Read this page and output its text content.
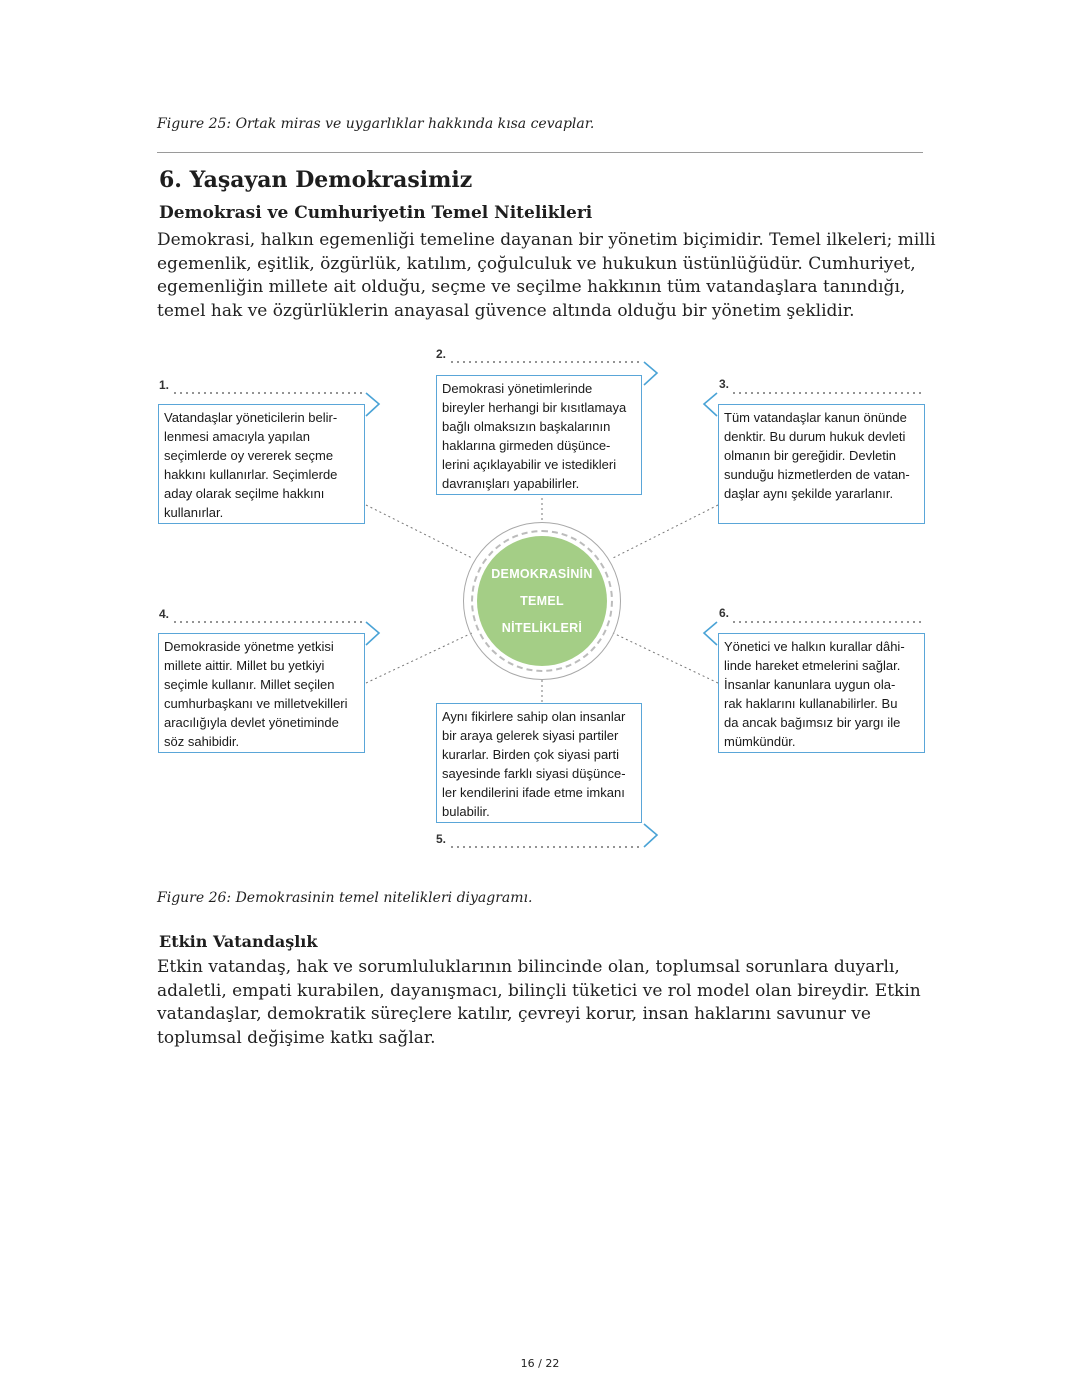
Figure 25: Ortak miras ve uygarlıklar hakkında kısa cevaplar.
6. Yaşayan Demokrasimiz
Demokrasi ve Cumhuriyetin Temel Nitelikleri
Demokrasi, halkın egemenliği temeline dayanan bir yönetim biçimidir. Temel ilkeleri; milli
egemenlik, eşitlik, özgürlük, katılım, çoğulculuk ve hukukun üstünlüğüdür. Cumhuriyet,
egemenliğin millete ait olduğu, seçme ve seçilme hakkının tüm vatandaşlara tanındığı,
temel hak ve özgürlüklerin anayasal güvence altında olduğu bir yönetim şeklidir.
1.
2.
3.
4.
5.
6.
Vatandaşlar yöneticilerin belir-
lenmesi amacıyla yapılan
seçimlerde oy vererek seçme
hakkını kullanırlar. Seçimlerde
aday olarak seçilme hakkını
kullanırlar.
Demokrasi yönetimlerinde
bireyler herhangi bir kısıtlamaya
bağlı olmaksızın başkalarının
haklarına girmeden düşünce-
lerini açıklayabilir ve istedikleri
davranışları yapabilirler.
Tüm vatandaşlar kanun önünde
denktir. Bu durum hukuk devleti
olmanın bir gereğidir. Devletin
sunduğu hizmetlerden de vatan-
daşlar aynı şekilde yararlanır.
Demokraside yönetme yetkisi
millete aittir. Millet bu yetkiyi
seçimle kullanır. Millet seçilen
cumhurbaşkanı ve milletvekilleri
aracılığıyla devlet yönetiminde
söz sahibidir.
Aynı fikirlere sahip olan insanlar
bir araya gelerek siyasi partiler
kurarlar. Birden çok siyasi parti
sayesinde farklı siyasi düşünce-
ler kendilerini ifade etme imkanı
bulabilir.
Yönetici ve halkın kurallar dâhi-
linde hareket etmelerini sağlar.
İnsanlar kanunlara uygun ola-
rak haklarını kullanabilirler. Bu
da ancak bağımsız bir yargı ile
mümkündür.
DEMOKRASİNİN
TEMEL
NİTELİKLERİ
Figure 26: Demokrasinin temel nitelikleri diyagramı.
Etkin Vatandaşlık
Etkin vatandaş, hak ve sorumluluklarının bilincinde olan, toplumsal sorunlara duyarlı,
adaletli, empati kurabilen, dayanışmacı, bilinçli tüketici ve rol model olan bireydir. Etkin
vatandaşlar, demokratik süreçlere katılır, çevreyi korur, insan haklarını savunur ve
toplumsal değişime katkı sağlar.
16 / 22
